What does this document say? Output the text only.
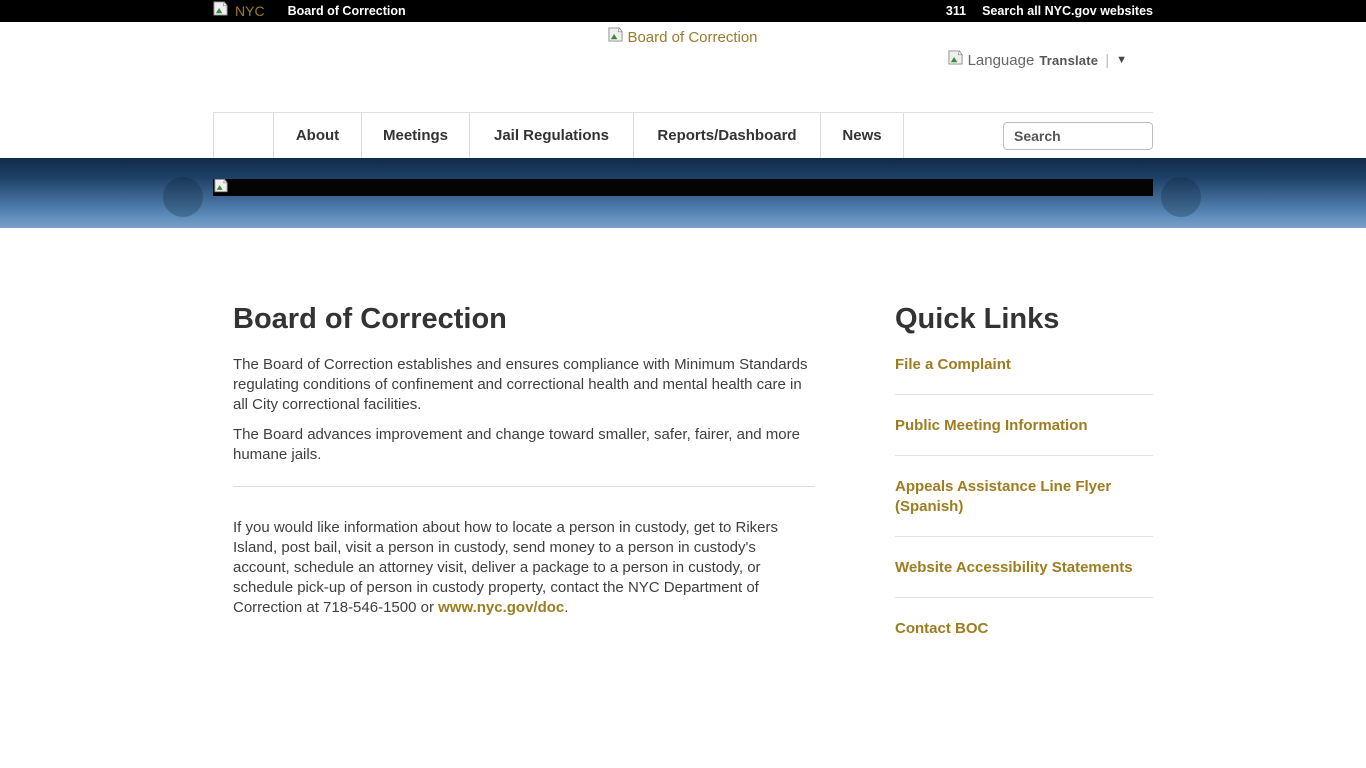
NYC Board of Correction	311 Search all NYC.gov websites
Board of Correction
Language Translate | ▼
About	Meetings	Jail Regulations	Reports/Dashboard	News
Search
Board of Correction

The Board of Correction establishes and ensures compliance with Minimum Standards regulating conditions of confinement and correctional health and mental health care in all City correctional facilities.

The Board advances improvement and change toward smaller, safer, fairer, and more humane jails.

If you would like information about how to locate a person in custody, get to Rikers Island, post bail, visit a person in custody, send money to a person in custody's account, schedule an attorney visit, deliver a package to a person in custody, or schedule pick-up of person in custody property, contact the NYC Department of Correction at 718-546-1500 or www.nyc.gov/doc.

Quick Links
File a Complaint
Public Meeting Information
Appeals Assistance Line Flyer (Spanish)
Website Accessibility Statements
Contact BOC
